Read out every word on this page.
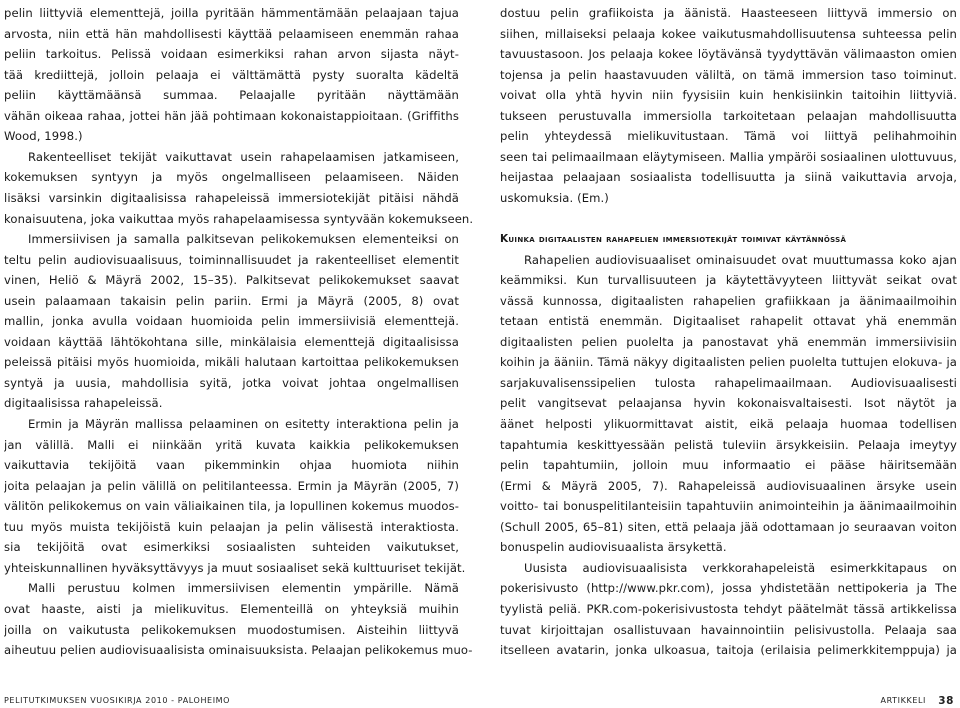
pelin liittyviä elementtejä, joilla pyritään hämmentämään pelaajaan tajua
arvosta, niin että hän mahdollisesti käyttää pelaamiseen enemmän rahaa
peliin tarkoitus. Pelissä voidaan esimerkiksi rahan arvon sijasta näyt-
tää krediittejä, jolloin pelaaja ei välttämättä pysty suoralta kädeltä
peliin käyttämäänsä summaa. Pelaajalle pyritään näyttämään
vähän oikeaa rahaa, jottei hän jää pohtimaan kokonaistappioitaan. (Griffiths
Wood, 1998.)
Rakenteelliset tekijät vaikuttavat usein rahapelaamisen jatkamiseen,
kokemuksen syntyyn ja myös ongelmalliseen pelaamiseen. Näiden
lisäksi varsinkin digitaalisissa rahapeleissä immersiotekijät pitäisi nähdä
konaisuutena, joka vaikuttaa myös rahapelaamisessa syntyvään kokemukseen.
Immersiivisen ja samalla palkitsevan pelikokemuksen elementeiksi on
teltu pelin audiovisuaalisuus, toiminnallisuudet ja rakenteelliset elementit
vinen, Heliö & Mäyrä 2002, 15–35). Palkitsevat pelikokemukset saavat
usein palaamaan takaisin pelin pariin. Ermi ja Mäyrä (2005, 8) ovat
mallin, jonka avulla voidaan huomioida pelin immersiivisiä elementtejä.
voidaan käyttää lähtökohtana sille, minkälaisia elementtejä digitaalisissa
peleissä pitäisi myös huomioida, mikäli halutaan kartoittaa pelikokemuksen
syntyä ja uusia, mahdollisia syitä, jotka voivat johtaa ongelmallisen
digitaalisissa rahapeleissä.
Ermin ja Mäyrän mallissa pelaaminen on esitetty interaktiona pelin ja
jan välillä. Malli ei niinkään yritä kuvata kaikkia pelikokemuksen
vaikuttavia tekijöitä vaan pikemminkin ohjaa huomiota niihin
joita pelaajan ja pelin välillä on pelitilanteessa. Ermin ja Mäyrän (2005, 7)
välitön pelikokemus on vain väliaikainen tila, ja lopullinen kokemus muodos-
tuu myös muista tekijöistä kuin pelaajan ja pelin välisestä interaktiosta.
sia tekijöitä ovat esimerkiksi sosiaalisten suhteiden vaikutukset,
yhteiskunnallinen hyväksyttävyys ja muut sosiaaliset sekä kulttuuriset tekijät.
Malli perustuu kolmen immersiivisen elementin ympärille. Nämä
ovat haaste, aisti ja mielikuvitus. Elementeillä on yhteyksiä muihin
joilla on vaikutusta pelikokemuksen muodostumisen. Aisteihin liittyvä
aiheutuu pelien audiovisuaalisista ominaisuuksista. Pelaajan pelikokemus muo-
dostuu pelin grafiikoista ja äänistä. Haasteeseen liittyvä immersio on
siihen, millaiseksi pelaaja kokee vaikutusmahdollisuutensa suhteessa pelin
tavuustasoon. Jos pelaaja kokee löytävänsä tyydyttävän välimaaston omien
tojensa ja pelin haastavuuden väliltä, on tämä immersion taso toiminut.
voivat olla yhtä hyvin niin fyysisiin kuin henkisiinkin taitoihin liittyviä.
tukseen perustuvalla immersiolla tarkoitetaan pelaajan mahdollisuutta
pelin yhteydessä mielikuvitustaan. Tämä voi liittyä pelihahmoihin
seen tai pelimaailmaan eläytymiseen. Mallia ympäröi sosiaalinen ulottuvuus,
heijastaa pelaajaan sosiaalista todellisuutta ja siinä vaikuttavia arvoja,
uskomuksia. (Em.)
Kuinka digitaalisten rahapelien immersiotekijät toimivat käytännössä
Rahapelien audiovisuaaliset ominaisuudet ovat muuttumassa koko ajan
keämmiksi. Kun turvallisuuteen ja käytettävyyteen liittyvät seikat ovat
vässä kunnossa, digitaalisten rahapelien grafiikkaan ja äänimaailmoihin
tetaan entistä enemmän. Digitaaliset rahapelit ottavat yhä enemmän
digitaalisten pelien puolelta ja panostavat yhä enemmän immersiivisiin
koihin ja ääniin. Tämä näkyy digitaalisten pelien puolelta tuttujen elokuva- ja
sarjakuvalisenssipelien tulosta rahapelimaailmaan. Audiovisuaalisesti
pelit vangitsevat pelaajansa hyvin kokonaisvaltaisesti. Isot näytöt ja
äänet helposti ylikuormittavat aistit, eikä pelaaja huomaa todellisen
tapahtumia keskittyessään pelistä tuleviin ärsykkeisiin. Pelaaja imeytyy
pelin tapahtumiin, jolloin muu informaatio ei pääse häiritsemään
(Ermi & Mäyrä 2005, 7). Rahapeleissä audiovisuaalinen ärsyke usein
voitto- tai bonuspelitilanteisiin tapahtuviin animointeihin ja äänimaailmoihin
(Schull 2005, 65–81) siten, että pelaaja jää odottamaan jo seuraavan voiton
bonuspelin audiovisuaalista ärsykettä.
Uusista audiovisuaalisista verkkorahapeleistä esimerkkitapaus on
pokerisivusto (http://www.pkr.com), jossa yhdistetään nettipokeria ja The
tyylistä peliä. PKR.com-pokerisivustosta tehdyt päätelmät tässä artikkelissa
tuvat kirjoittajan osallistuvaan havainnointiin pelisivustolla. Pelaaja saa
itselleen avatarin, jonka ulkoasua, taitoja (erilaisia pelimerkkitemppuja) ja
PELITUTKIMUKSEN VUOSIKIRJA 2010 - PALOHEIMO	ARTIKKELI 38
